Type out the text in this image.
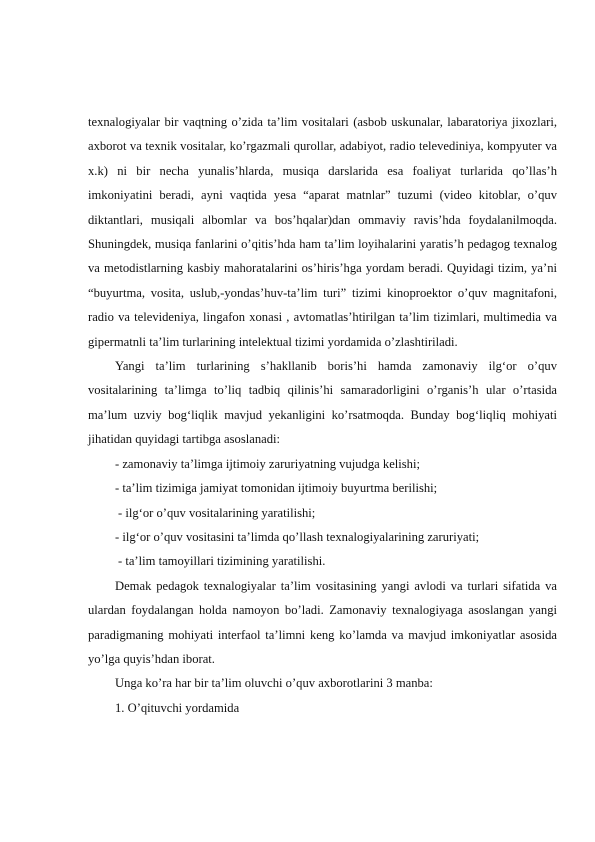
texnalogiyalar bir vaqtning o’zida ta’lim vositalari (asbob uskunalar, labaratoriya jixozlari, axborot va texnik vositalar, ko’rgazmali qurollar, adabiyot, radio televediniya, kompyuter va x.k) ni bir necha yunalis’hlarda, musiqa darslarida esa foaliyat turlarida qo’llas’h imkoniyatini beradi, ayni vaqtida yesa “aparat matnlar” tuzumi (video kitoblar, o’quv diktantlari, musiqali albomlar va bos’hqalar)dan ommaviy ravis’hda foydalanilmoqda. Shuningdek, musiqa fanlarini o’qitis’hda ham ta’lim loyihalarini yaratis’h pedagog texnalog va metodistlarning kasbiy mahoratalarini os’hiris’hga yordam beradi. Quyidagi tizim, ya’ni “buyurtma, vosita, uslub,-yondas’huv-ta’lim turi” tizimi kinoproektor o’quv magnitafoni, radio va televideniya, lingafon xonasi , avtomatlas’htirilgan ta’lim tizimlari, multimedia va gipermatnli ta’lim turlarining intelektual tizimi yordamida o’zlashtiriladi.

Yangi ta’lim turlarining s’hakllanib boris’hi hamda zamonaviy ilg‘or o’quv vositalarining ta’limga to’liq tadbiq qilinis’hi samaradorligini o’rganis’h ular o’rtasida ma’lum uzviy bog‘liqlik mavjud yekanligini ko’rsatmoqda. Bunday bog‘liqliq mohiyati jihatidan quyidagi tartibga asoslanadi:

- zamonaviy ta’limga ijtimoiy zaruriyatning vujudga kelishi;

- ta’lim tizimiga jamiyat tomonidan ijtimoiy buyurtma berilishi;

- ilg‘or o’quv vositalarining yaratilishi;

- ilg‘or o’quv vositasini ta’limda qo’llash texnalogiyalarining zaruriyati;

- ta’lim tamoyillari tizimining yaratilishi.

Demak pedagok texnalogiyalar ta’lim vositasining yangi avlodi va turlari sifatida va ulardan foydalangan holda namoyon bo’ladi. Zamonaviy texnalogiyaga asoslangan yangi paradigmaning mohiyati interfaol ta’limni keng ko’lamda va mavjud imkoniyatlar asosida yo’lga quyis’hdan iborat.

Unga ko’ra har bir ta’lim oluvchi o’quv axborotlarini 3 manba:

1. O’qituvchi yordamida
